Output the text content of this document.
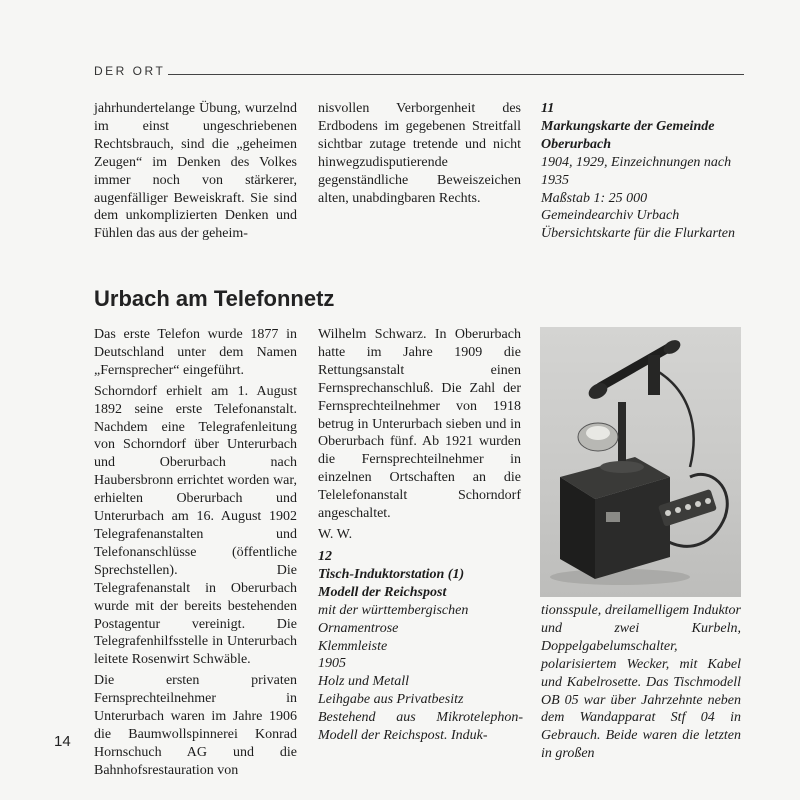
DER ORT

jahrhundertelange Übung, wurzelnd im einst ungeschriebenen Rechtsbrauch, sind die „geheimen Zeugen“ im Denken des Volkes immer noch von stärkerer, augenfälliger Beweiskraft. Sie sind dem unkomplizierten Denken und Fühlen das aus der geheim-

nisvollen Verborgenheit des Erdbodens im gegebenen Streitfall sichtbar zutage tretende und nicht hinwegzudisputierende gegenständliche Beweiszeichen alten, unabdingbaren Rechts.

11
Markungskarte der Gemeinde
Oberurbach
1904, 1929, Einzeichnungen nach
1935
Maßstab 1: 25 000
Gemeindearchiv Urbach
Übersichtskarte für die Flurkarten
Urbach am Telefonnetz

Das erste Telefon wurde 1877 in Deutschland unter dem Namen „Fernsprecher“ eingeführt.

Schorndorf erhielt am 1. August 1892 seine erste Telefonanstalt. Nachdem eine Telegrafenleitung von Schorndorf über Unterurbach und Oberurbach nach Haubersbronn errichtet worden war, erhielten Oberurbach und Unterurbach am 16. August 1902 Telegrafenanstalten und Telefonanschlüsse (öffentliche Sprechstellen). Die Telegrafenanstalt in Oberurbach wurde mit der bereits bestehenden Postagentur vereinigt. Die Telegrafenhilfsstelle in Unterurbach leitete Rosenwirt Schwäble.

Die ersten privaten Fernsprechteilnehmer in Unterurbach waren im Jahre 1906 die Baumwollspinnerei Konrad Hornschuch AG und die Bahnhofsrestauration von

Wilhelm Schwarz. In Oberurbach hatte im Jahre 1909 die Rettungsanstalt einen Fernsprechanschluß. Die Zahl der Fernsprechteilnehmer von 1918 betrug in Unterurbach sieben und in Oberurbach fünf. Ab 1921 wurden die Fernsprechteilnehmer in einzelnen Ortschaften an die Telelefonanstalt Schorndorf angeschaltet.

W. W.

12
Tisch-Induktorstation (1)
Modell der Reichspost
mit der württembergischen
Ornamentrose
Klemmleiste
1905
Holz und Metall
Leihgabe aus Privatbesitz
Bestehend aus Mikrotelephon-Modell der Reichspost. Induk-
tionsspule, dreilamelligem Induktor und zwei Kurbeln, Doppelgabelumschalter, polarisiertem Wecker, mit Kabel und Kabelrosette. Das Tischmodell OB 05 war über Jahrzehnte neben dem Wandapparat Stf 04 in Gebrauch. Beide waren die letzten in großen
14
